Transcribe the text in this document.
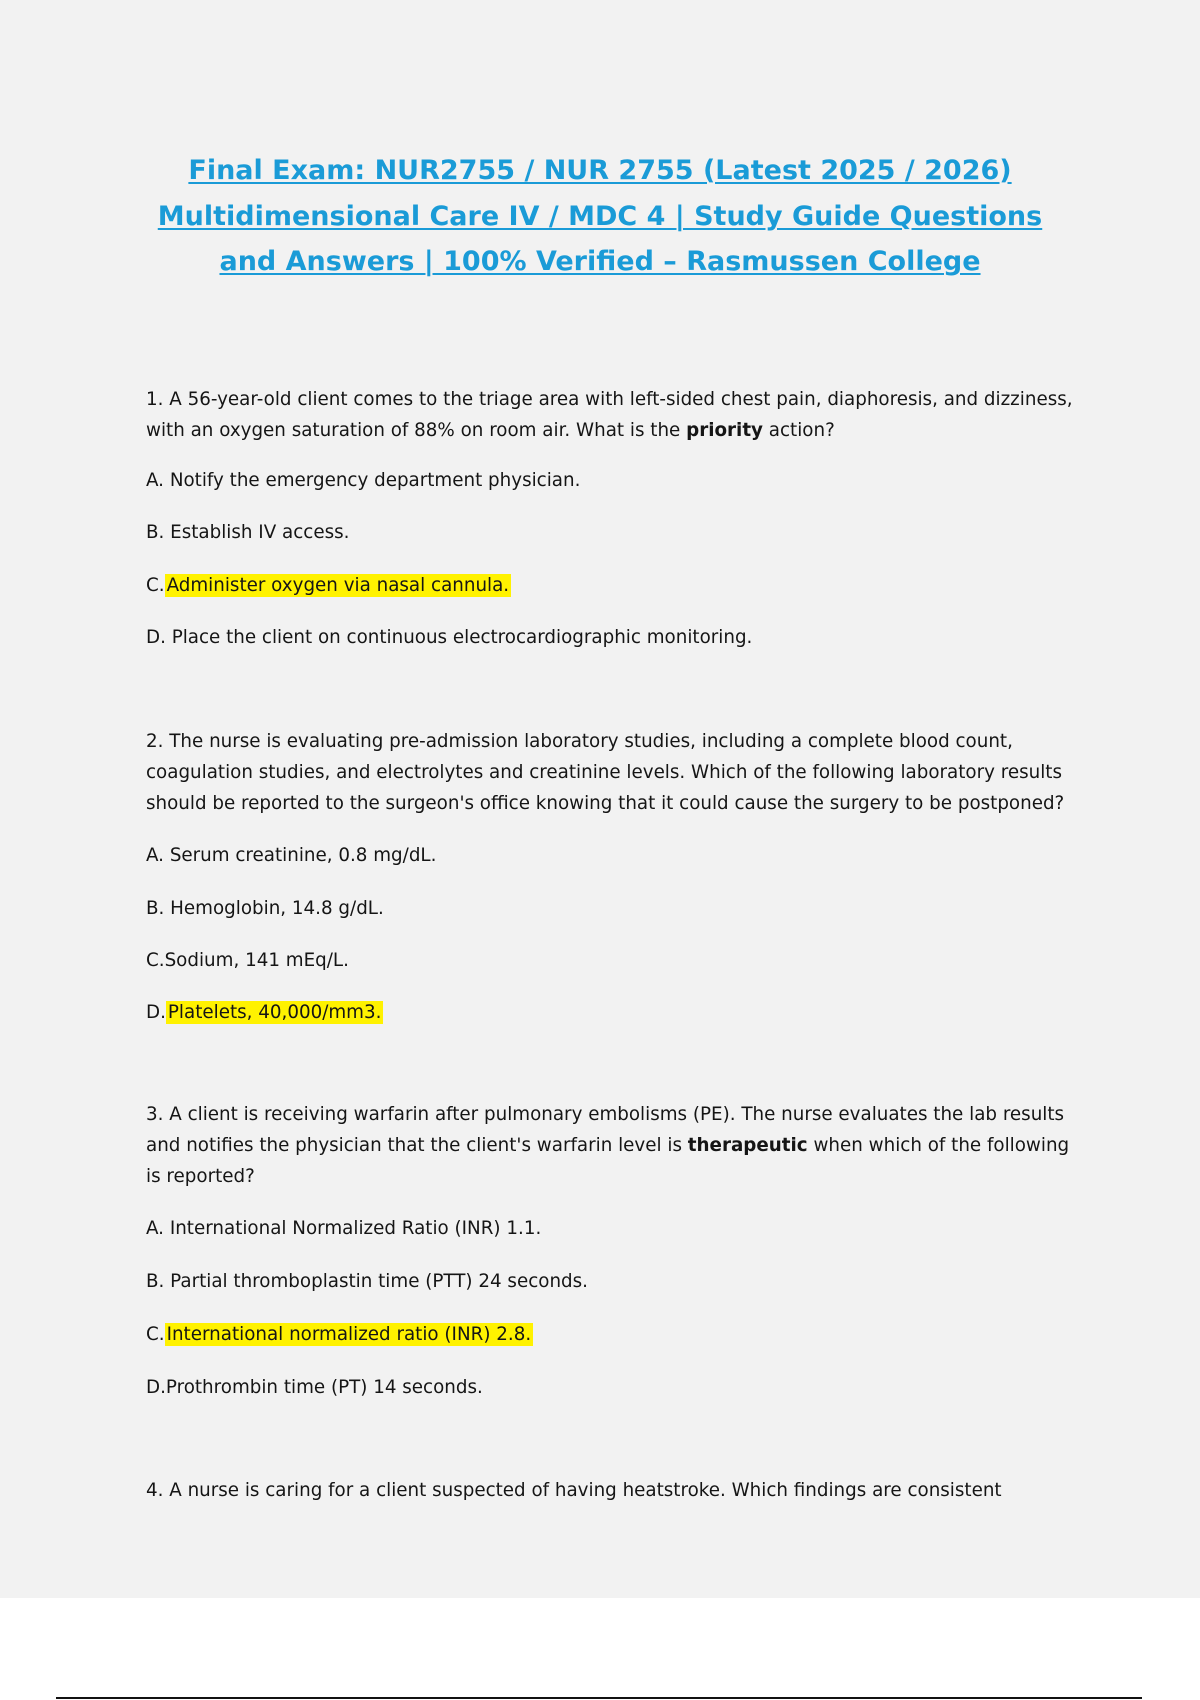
Final Exam: NUR2755 / NUR 2755 (Latest 2025 / 2026)
Multidimensional Care IV / MDC 4 | Study Guide Questions
and Answers | 100% Verified – Rasmussen College

1. A 56-year-old client comes to the triage area with left-sided chest pain, diaphoresis, and dizziness, with an oxygen saturation of 88% on room air. What is the priority action?

A. Notify the emergency department physician.

B. Establish IV access.

C. Administer oxygen via nasal cannula.

D. Place the client on continuous electrocardiographic monitoring.

2. The nurse is evaluating pre-admission laboratory studies, including a complete blood count, coagulation studies, and electrolytes and creatinine levels. Which of the following laboratory results should be reported to the surgeon's office knowing that it could cause the surgery to be postponed?

A. Serum creatinine, 0.8 mg/dL.

B. Hemoglobin, 14.8 g/dL.

C.Sodium, 141 mEq/L.

D. Platelets, 40,000/mm3.

3. A client is receiving warfarin after pulmonary embolisms (PE). The nurse evaluates the lab results and notifies the physician that the client's warfarin level is therapeutic when which of the following is reported?

A. International Normalized Ratio (INR) 1.1.

B. Partial thromboplastin time (PTT) 24 seconds.

C. International normalized ratio (INR) 2.8.

D.Prothrombin time (PT) 14 seconds.

4. A nurse is caring for a client suspected of having heatstroke. Which findings are consistent
